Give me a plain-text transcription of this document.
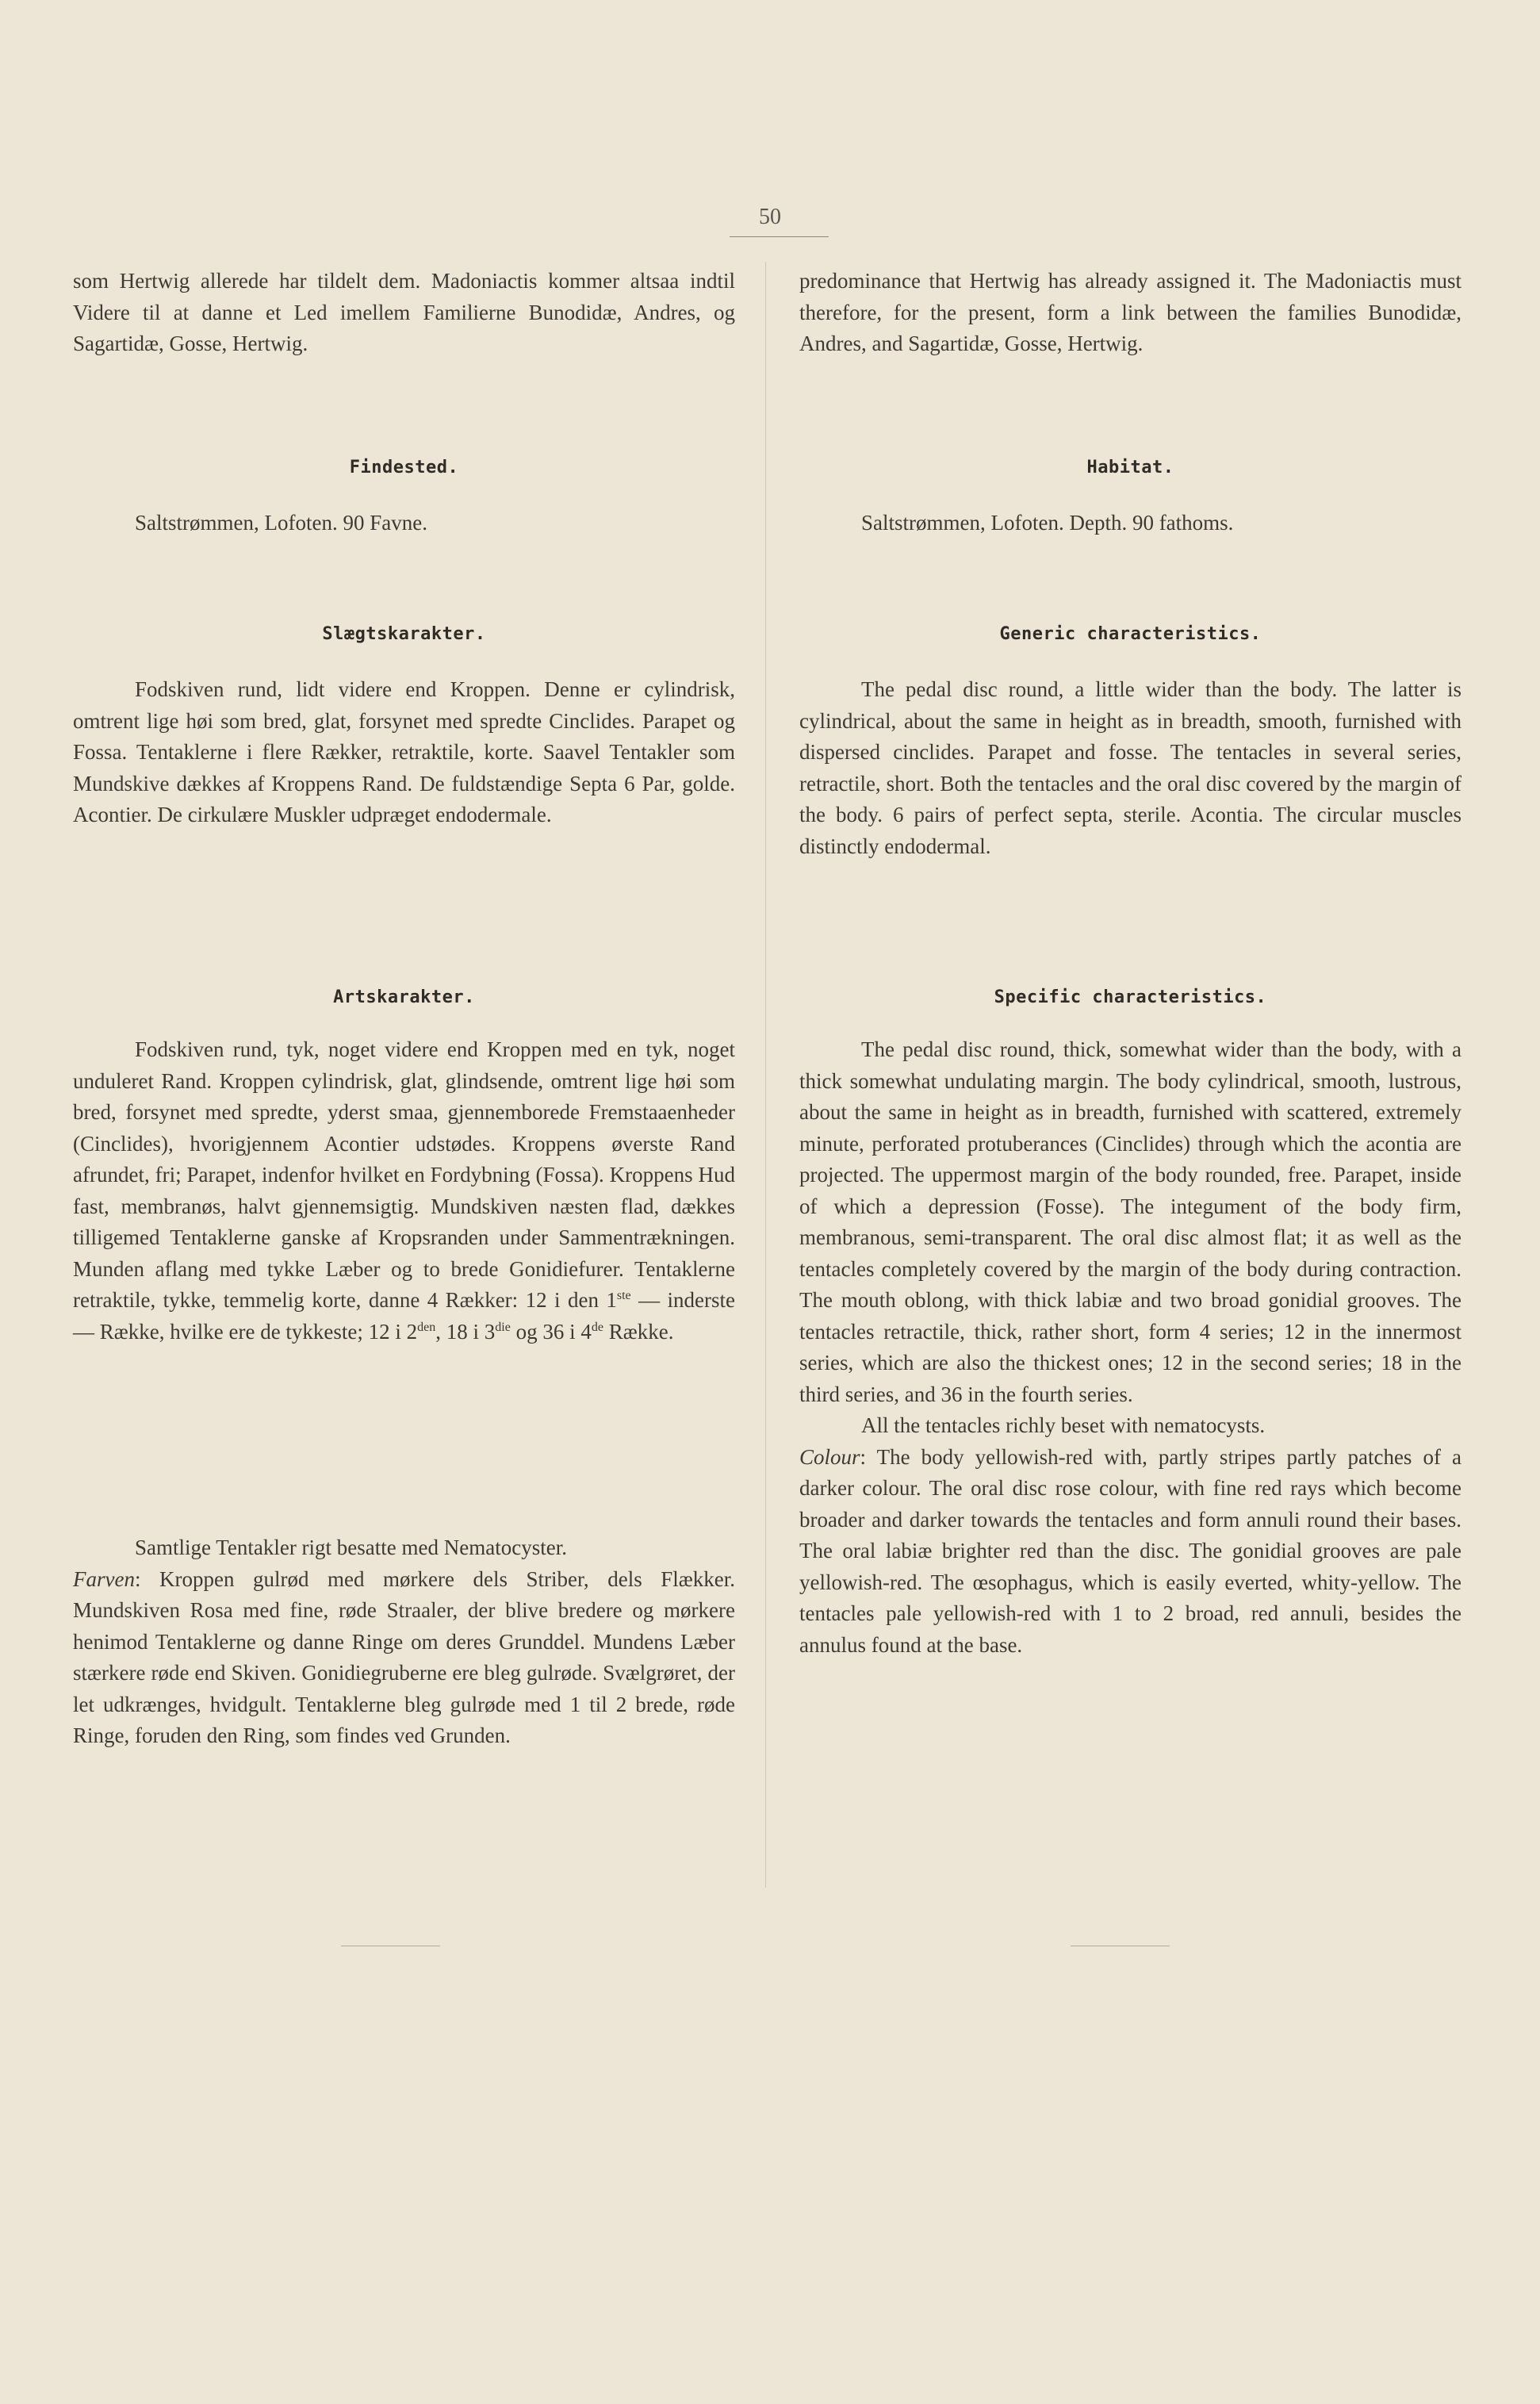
50

som Hertwig allerede har tildelt dem. Madoniactis kommer altsaa indtil Videre til at danne et Led imellem Familierne Bunodidæ, Andres, og Sagartidæ, Gosse, Hertwig.

Findested.

Saltstrømmen, Lofoten. 90 Favne.

Slægtskarakter.

Fodskiven rund, lidt videre end Kroppen. Denne er cylindrisk, omtrent lige høi som bred, glat, forsynet med spredte Cinclides. Parapet og Fossa. Tentaklerne i flere Rækker, retraktile, korte. Saavel Tentakler som Mundskive dækkes af Kroppens Rand. De fuldstændige Septa 6 Par, golde. Acontier. De cirkulære Muskler udpræget endodermale.

Artskarakter.

Fodskiven rund, tyk, noget videre end Kroppen med en tyk, noget unduleret Rand. Kroppen cylindrisk, glat, glindsende, omtrent lige høi som bred, forsynet med spredte, yderst smaa, gjennemborede Fremstaaenheder (Cinclides), hvorigjennem Acontier udstødes. Kroppens øverste Rand afrundet, fri; Parapet, indenfor hvilket en Fordybning (Fossa). Kroppens Hud fast, membranøs, halvt gjennemsigtig. Mundskiven næsten flad, dækkes tilligemed Tentaklerne ganske af Kropsranden under Sammentrækningen. Munden aflang med tykke Læber og to brede Gonidiefurer. Tentaklerne retraktile, tykke, temmelig korte, danne 4 Rækker: 12 i den 1ste — inderste — Række, hvilke ere de tykkeste; 12 i $2^{den}$, 18 i $3^{die}$ og 36 i 4de Række.

Samtlige Tentakler rigt besatte med Nematocyster.

Farven: Kroppen gulrød med mørkere dels Striber, dels Flækker. Mundskiven Rosa med fine, røde Straaler, der blive bredere og mørkere henimod Tentaklerne og danne Ringe om deres Grunddel. Mundens Læber stærkere røde end Skiven. Gonidiegruberne ere bleg gulrøde. Svælgrøret, der let udkrænges, hvidgult. Tentaklerne bleg gulrøde med 1 til 2 brede, røde Ringe, foruden den Ring, som findes ved Grunden.

predominance that Hertwig has already assigned it. The Madoniactis must therefore, for the present, form a link between the families Bunodidæ, Andres, and Sagartidæ, Gosse, Hertwig.

Habitat.

Saltstrømmen, Lofoten. Depth. 90 fathoms.

Generic characteristics.

The pedal disc round, a little wider than the body. The latter is cylindrical, about the same in height as in breadth, smooth, furnished with dispersed cinclides. Parapet and fosse. The tentacles in several series, retractile, short. Both the tentacles and the oral disc covered by the margin of the body. 6 pairs of perfect septa, sterile. Acontia. The circular muscles distinctly endodermal.

Specific characteristics.

The pedal disc round, thick, somewhat wider than the body, with a thick somewhat undulating margin. The body cylindrical, smooth, lustrous, about the same in height as in breadth, furnished with scattered, extremely minute, perforated protuberances (Cinclides) through which the acontia are projected. The uppermost margin of the body rounded, free. Parapet, inside of which a depression (Fosse). The integument of the body firm, membranous, semi-transparent. The oral disc almost flat; it as well as the tentacles completely covered by the margin of the body during contraction. The mouth oblong, with thick labiæ and two broad gonidial grooves. The tentacles retractile, thick, rather short, form 4 series; 12 in the innermost series, which are also the thickest ones; 12 in the second series; 18 in the third series, and 36 in the fourth series.

All the tentacles richly beset with nematocysts.

Colour: The body yellowish-red with, partly stripes partly patches of a darker colour. The oral disc rose colour, with fine red rays which become broader and darker towards the tentacles and form annuli round their bases. The oral labiæ brighter red than the disc. The gonidial grooves are pale yellowish-red. The œsophagus, which is easily everted, whity-yellow. The tentacles pale yellowish-red with 1 to 2 broad, red annuli, besides the annulus found at the base.
